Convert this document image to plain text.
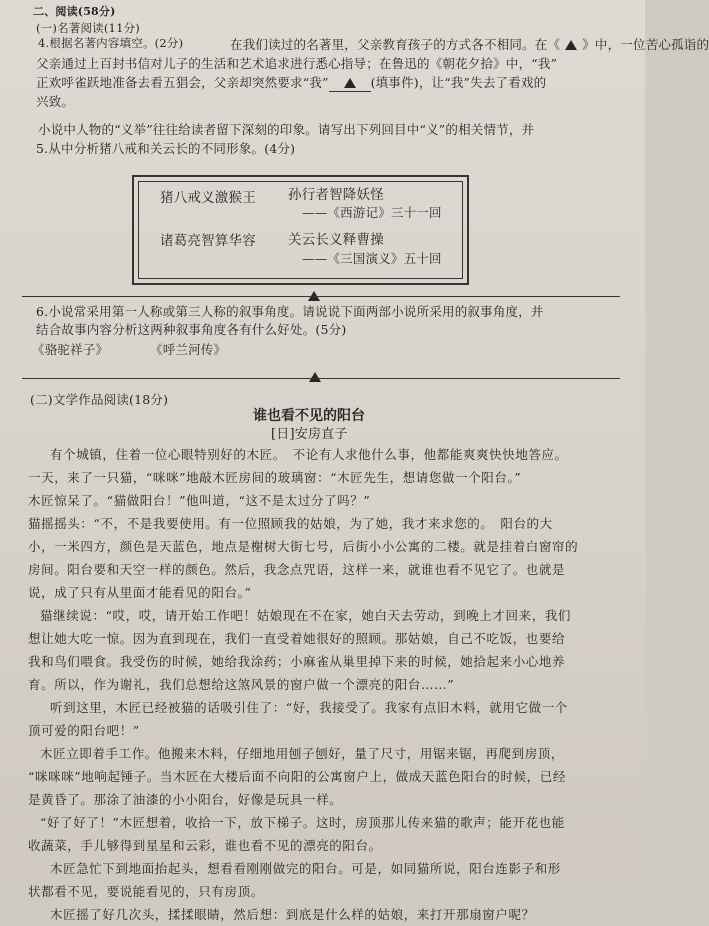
二、阅读(58分)
(一)名著阅读(11分)
4.根据名著内容填空。(2分)	在我们读过的名著里，父亲教育孩子的方式各不相同。在《 》中，一位苦心孤诣的
父亲通过上百封书信对儿子的生活和艺术追求进行悉心指导；在鲁迅的《朝花夕拾》中，“我”
正欢呼雀跃地准备去看五猖会，父亲却突然要求“我”	(填事件)，让“我”失去了看戏的
兴致。
小说中人物的“义举”往往给读者留下深刻的印象。请写出下列回目中“义”的相关情节，并
5.从中分析猪八戒和关云长的不同形象。(4分)
猪八戒义激猴王 孙行者智降妖怪
——《西游记》三十一回
诸葛亮智算华容 关云长义释曹操
——《三国演义》五十回
6.小说常采用第一人称或第三人称的叙事角度。请说说下面两部小说所采用的叙事角度，并
结合故事内容分析这两种叙事角度各有什么好处。(5分)
《骆驼祥子》	《呼兰河传》
(二)文学作品阅读(18分)
谁也看不见的阳台
[日]安房直子

有个城镇，住着一位心眼特别好的木匠。　不论有人求他什么事，他都能爽爽快快地答应。

一天，来了一只猫，“咪咪”地敲木匠房间的玻璃窗：“木匠先生，想请您做一个阳台。”

木匠惊呆了。“猫做阳台！”他叫道，“这不是太过分了吗？”

猫摇摇头：“不，不是我要使用。有一位照顾我的姑娘，为了她，我才来求您的。　阳台的大

小，一米四方，颜色是天蓝色，地点是榭树大街七号，后街小小公寓的二楼。就是挂着白窗帘的

房间。阳台要和天空一样的颜色。然后，我念点咒语，这样一来，就谁也看不见它了。也就是

说，成了只有从里面才能看见的阳台。”

猫继续说：“哎，哎，请开始工作吧！姑娘现在不在家，她白天去劳动，到晚上才回来，我们

想让她大吃一惊。因为直到现在，我们一直受着她很好的照顾。那姑娘，自己不吃饭，也要给

我和鸟们喂食。我受伤的时候，她给我涂药；小麻雀从巢里掉下来的时候，她拾起来小心地养

育。所以，作为谢礼，我们总想给这煞风景的窗户做一个漂亮的阳台……”

听到这里，木匠已经被猫的话吸引住了：“好，我接受了。我家有点旧木料，就用它做一个

顶可爱的阳台吧！”

木匠立即着手工作。他搬来木料，仔细地用刨子刨好，量了尺寸，用锯来锯，再爬到房顶，

“咪咪咪”地响起锤子。当木匠在大楼后面不向阳的公寓窗户上，做成天蓝色阳台的时候，已经

是黄昏了。那涂了油漆的小小阳台，好像是玩具一样。

“好了好了！”木匠想着，收拾一下，放下梯子。这时，房顶那儿传来猫的歌声；能开花也能

收蔬菜，手儿够得到星星和云彩，谁也看不见的漂亮的阳台。

木匠急忙下到地面抬起头，想看看刚刚做完的阳台。可是，如同猫所说，阳台连影子和形

状都看不见，要说能看见的，只有房顶。

木匠摇了好几次头，揉揉眼睛，然后想：到底是什么样的姑娘，来打开那扇窗户呢？
